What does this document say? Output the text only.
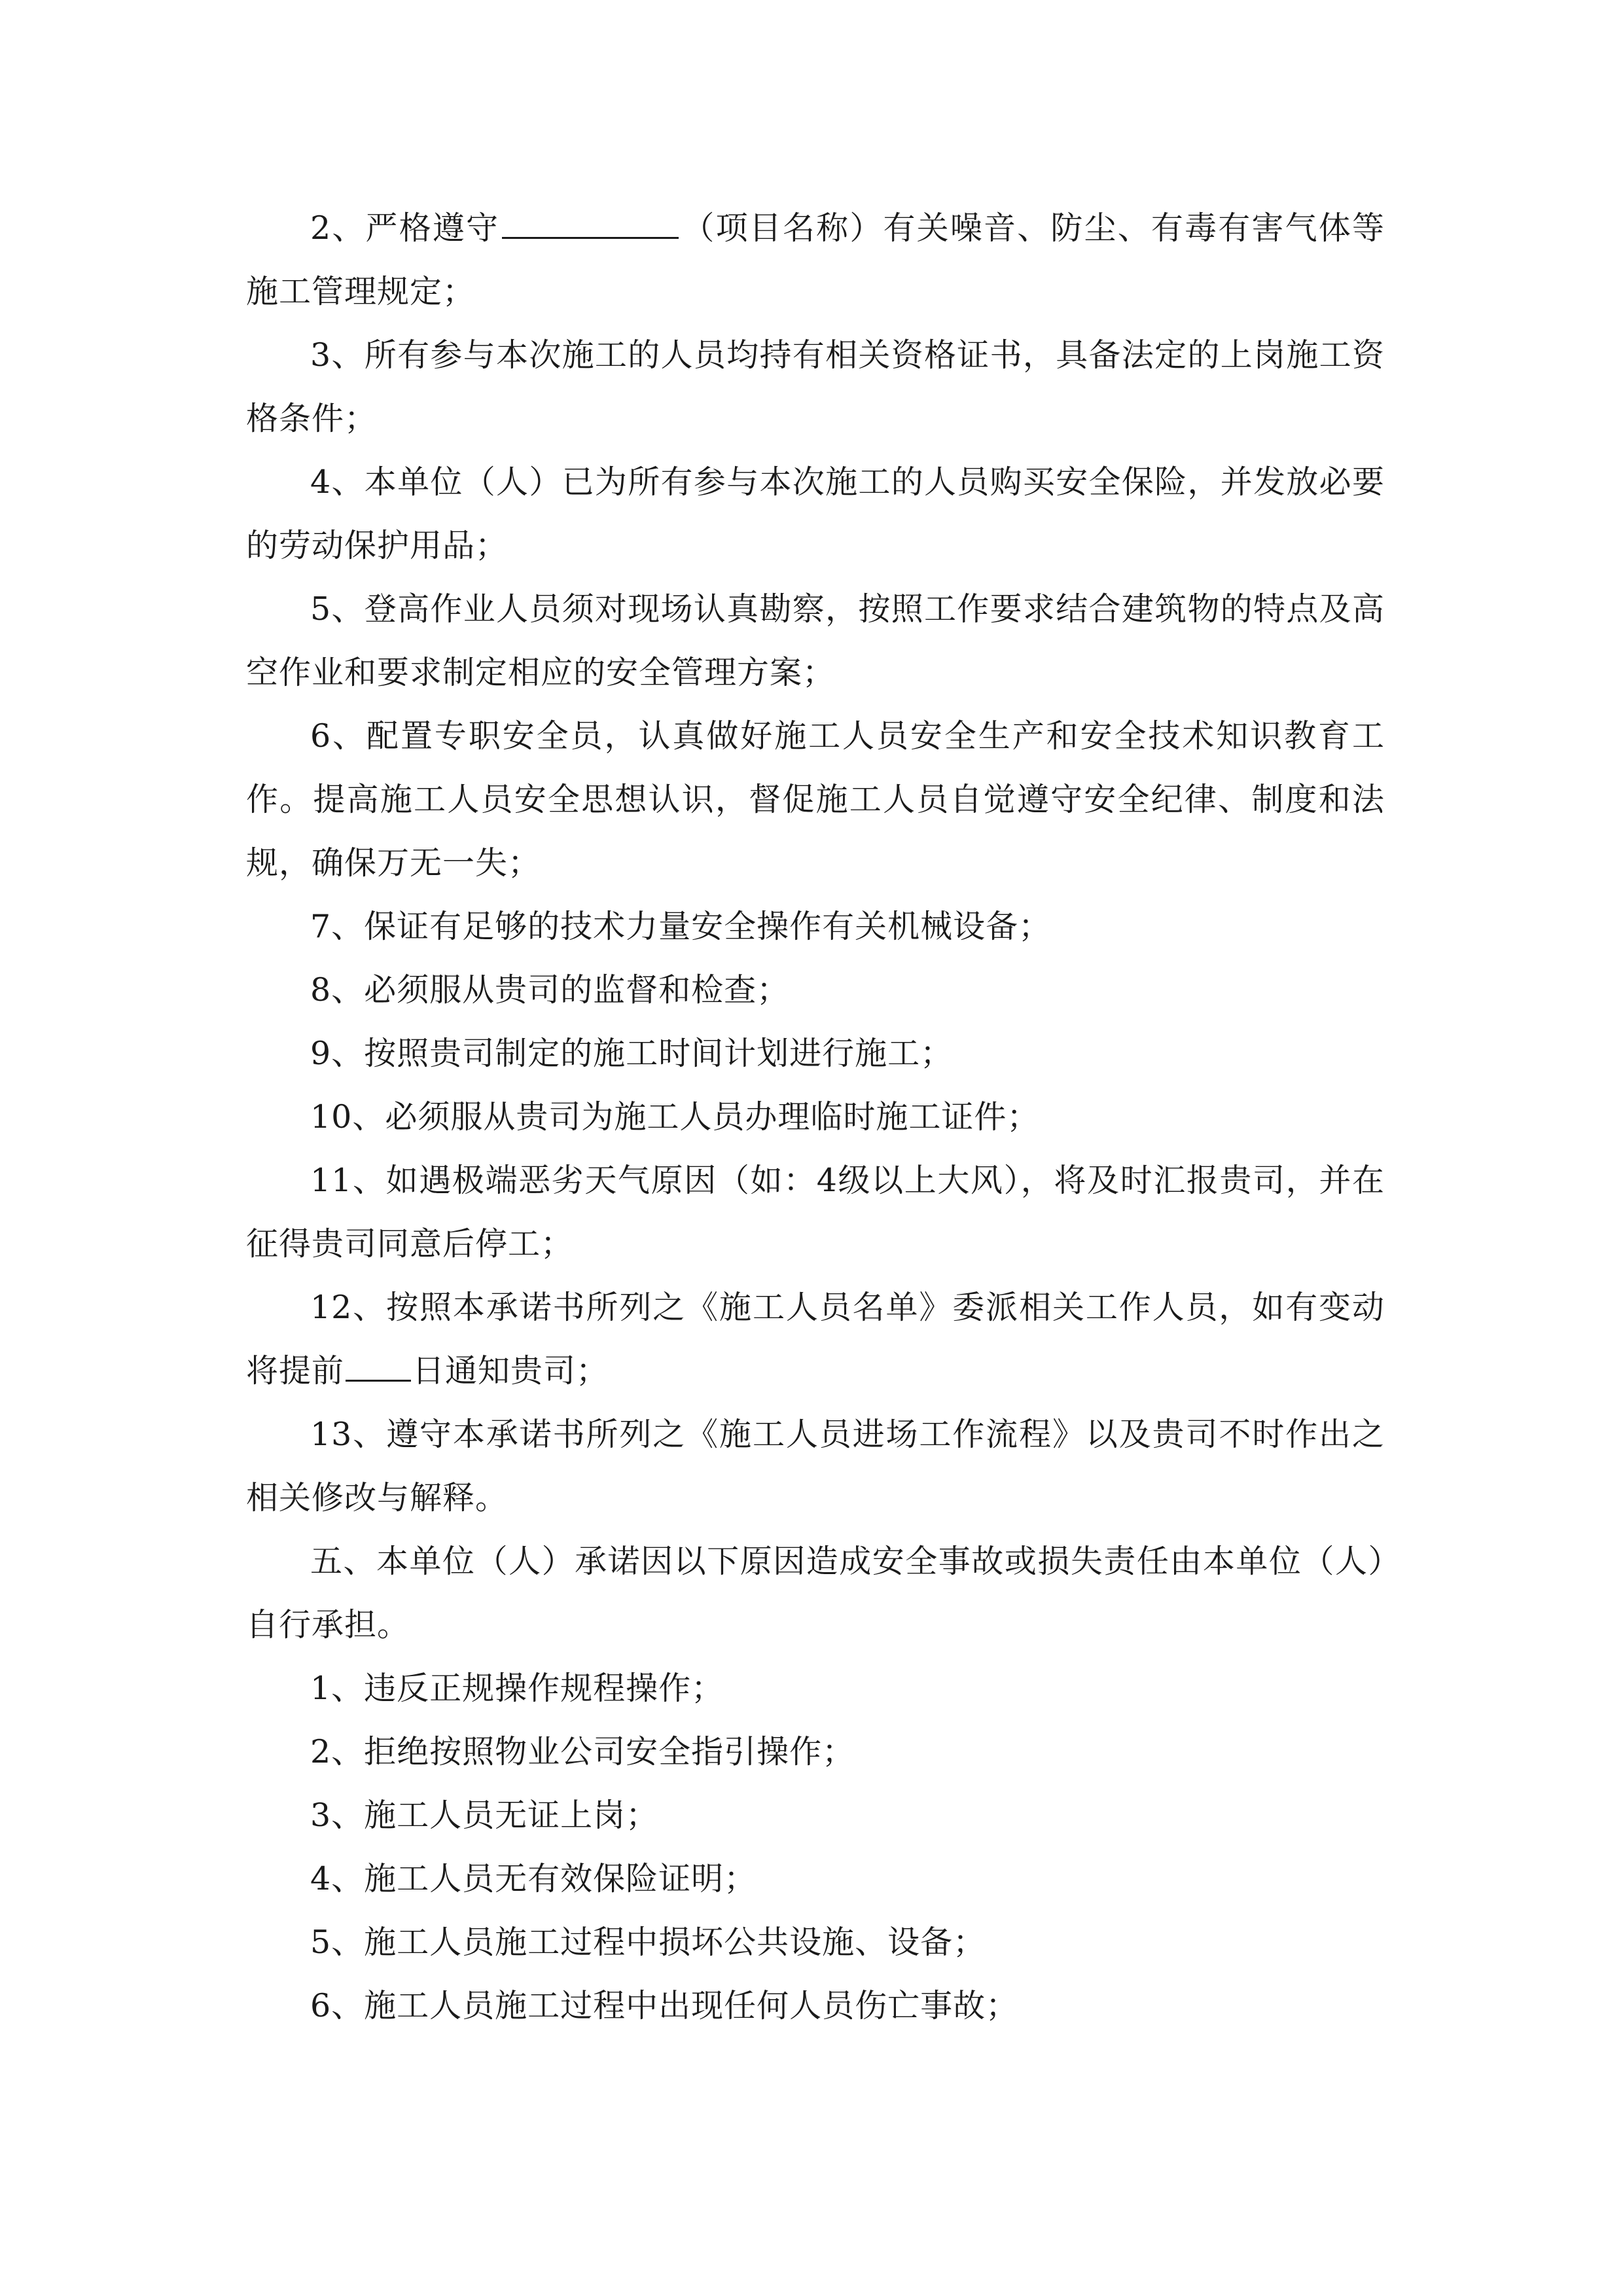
2、严格遵守	（项目名称）有关噪音、防尘、有毒有害气体等施工管理规定；

3、所有参与本次施工的人员均持有相关资格证书，具备法定的上岗施工资格条件；

4、本单位（人）已为所有参与本次施工的人员购买安全保险，并发放必要的劳动保护用品；

5、登高作业人员须对现场认真勘察，按照工作要求结合建筑物的特点及高空作业和要求制定相应的安全管理方案；

6、配置专职安全员，认真做好施工人员安全生产和安全技术知识教育工作。提高施工人员安全思想认识，督促施工人员自觉遵守安全纪律、制度和法规，确保万无一失；

7、保证有足够的技术力量安全操作有关机械设备；

8、必须服从贵司的监督和检查；

9、按照贵司制定的施工时间计划进行施工；

10、必须服从贵司为施工人员办理临时施工证件；

11、如遇极端恶劣天气原因（如：4级以上大风），将及时汇报贵司，并在征得贵司同意后停工；

12、按照本承诺书所列之《施工人员名单》委派相关工作人员，如有变动将提前 日通知贵司；

13、遵守本承诺书所列之《施工人员进场工作流程》以及贵司不时作出之相关修改与解释。

五、本单位（人）承诺因以下原因造成安全事故或损失责任由本单位（人）自行承担。

1、违反正规操作规程操作；

2、拒绝按照物业公司安全指引操作；

3、施工人员无证上岗；

4、施工人员无有效保险证明；

5、施工人员施工过程中损坏公共设施、设备；

6、施工人员施工过程中出现任何人员伤亡事故；
